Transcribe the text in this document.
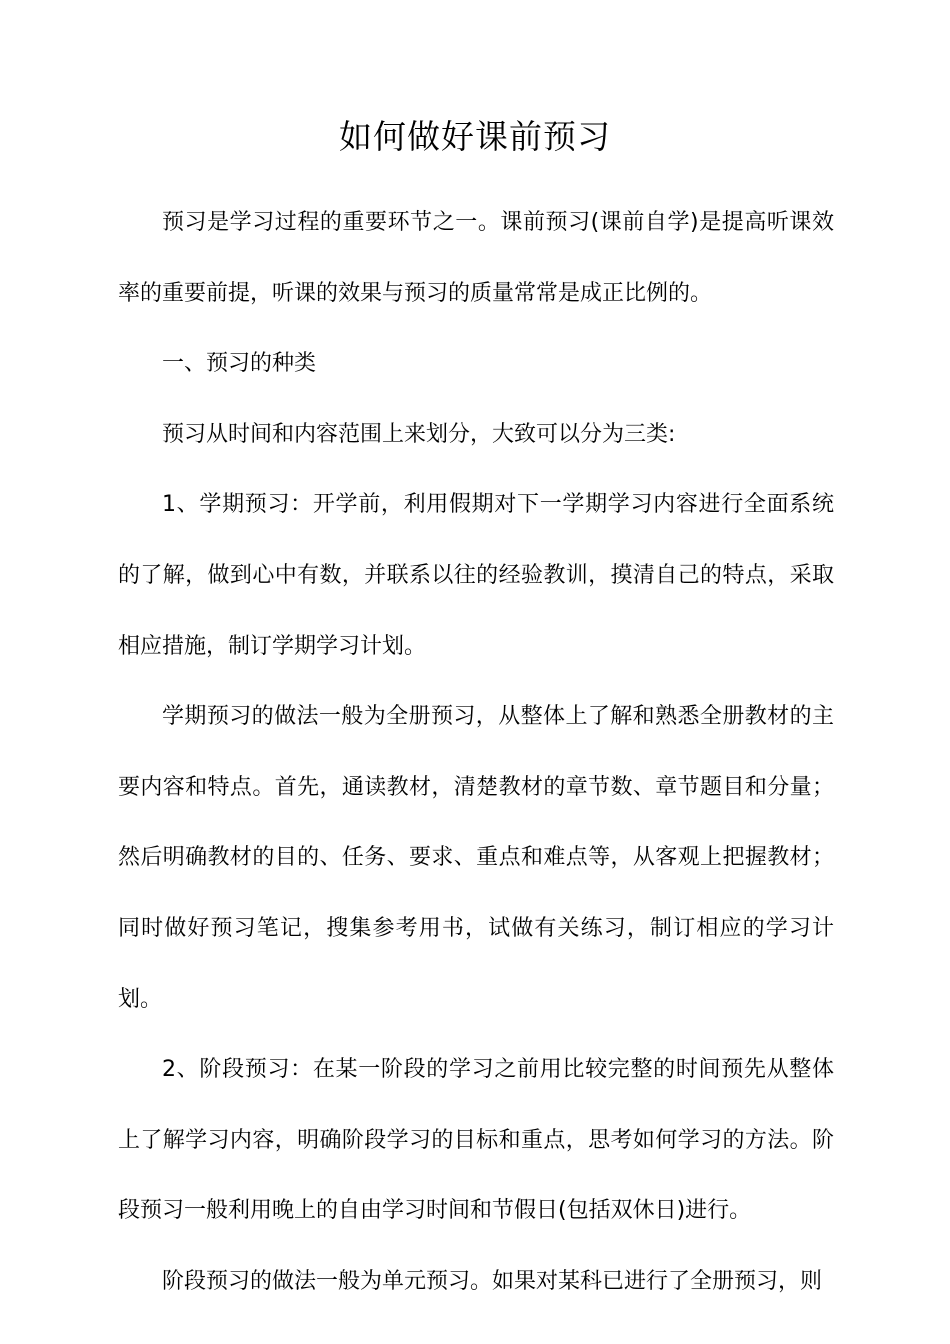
如何做好课前预习

预习是学习过程的重要环节之一。课前预习(课前自学)是提高听课效率的重要前提，听课的效果与预习的质量常常是成正比例的。

一、预习的种类

预习从时间和内容范围上来划分，大致可以分为三类:

1、学期预习：开学前，利用假期对下一学期学习内容进行全面系统的了解，做到心中有数，并联系以往的经验教训，摸清自己的特点，采取相应措施，制订学期学习计划。

学期预习的做法一般为全册预习，从整体上了解和熟悉全册教材的主要内容和特点。首先，通读教材，清楚教材的章节数、章节题目和分量；然后明确教材的目的、任务、要求、重点和难点等，从客观上把握教材；同时做好预习笔记，搜集参考用书，试做有关练习，制订相应的学习计划。

2、阶段预习：在某一阶段的学习之前用比较完整的时间预先从整体上了解学习内容，明确阶段学习的目标和重点，思考如何学习的方法。阶段预习一般利用晚上的自由学习时间和节假日(包括双休日)进行。

阶段预习的做法一般为单元预习。如果对某科已进行了全册预习，则
